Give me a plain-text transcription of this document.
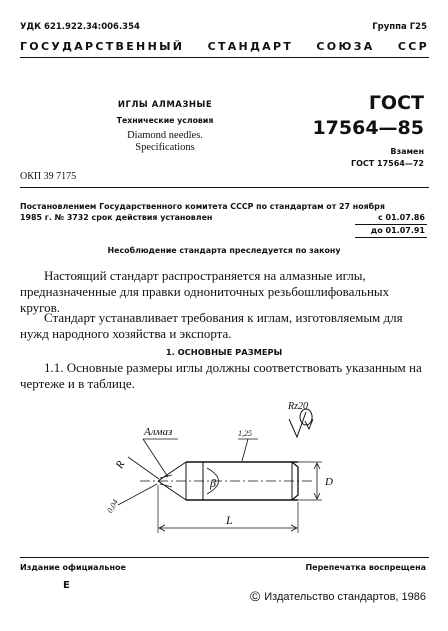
УДК 621.922.34:006.354	Группа Г25
ГОСУДАРСТВЕННЫЙ СТАНДАРТ СОЮЗА ССР
ИГЛЫ АЛМАЗНЫЕ
Технические условия
Diamond needles.
Specifications
ГОСТ
17564—85
Взамен
ГОСТ 17564—72
ОКП 39 7175
Постановлением Государственного комитета СССР по стандартам от 27 ноября
1985 г. № 3732 срок действия установлен	с 01.07.86
до 01.07.91
Несоблюдение стандарта преследуется по закону
Настоящий стандарт распространяется на алмазные иглы, предназначенные для правки однониточных резьбошлифовальных кругов.
Стандарт устанавливает требования к иглам, изготовляемым для нужд народного хозяйства и экспорта.
1. ОСНОВНЫЕ РАЗМЕРЫ
1.1. Основные размеры иглы должны соответствовать указанным на чертеже и в таблице.
Rz20
Алмаз	1,25
R
0,04
β	D
L
Издание официальное	Перепечатка воспрещена
Е
© Издательство стандартов, 1986
